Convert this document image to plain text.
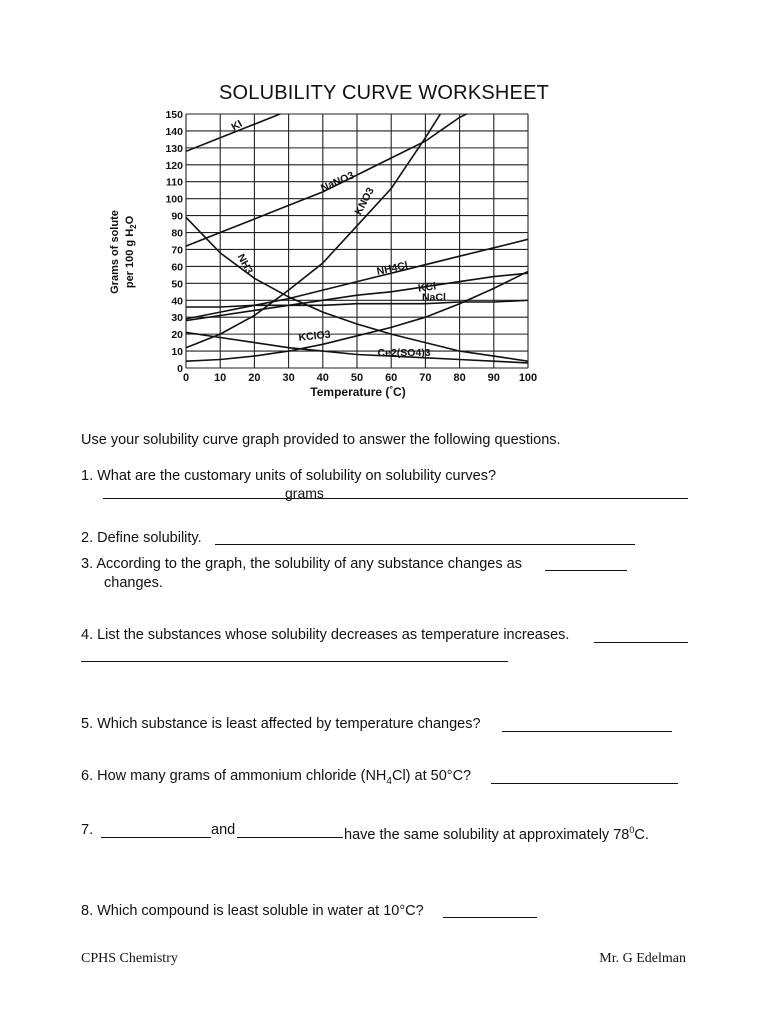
SOLUBILITY CURVE WORKSHEET
0 10 20 30 40 50 60 70 80 90 100
0
10
20
30
40
50
60
70
80
90
100
110
120
130
140
150
KI
NaNO3
KNO3
NH4Cl
KCl
NaCl
KClO3
NH3
Ce2(SO4)3
Grams of solute per 100 g $H_2O$
Temperature (°C)
Use your solubility curve graph provided to answer the following questions.
1. What are the customary units of solubility on solubility curves?
grams
2. Define solubility.
3. According to the graph, the solubility of any substance changes as
changes.
4. List the substances whose solubility decreases as temperature increases.
5. Which substance is least affected by temperature changes?
6. How many grams of ammonium chloride $(NH_4Cl)$ at 50°C?
7.	and	have the same solubility at approximately $78^0C$.
8. Which compound is least soluble in water at 10°C?
CPHS Chemistry	Mr. G Edelman
